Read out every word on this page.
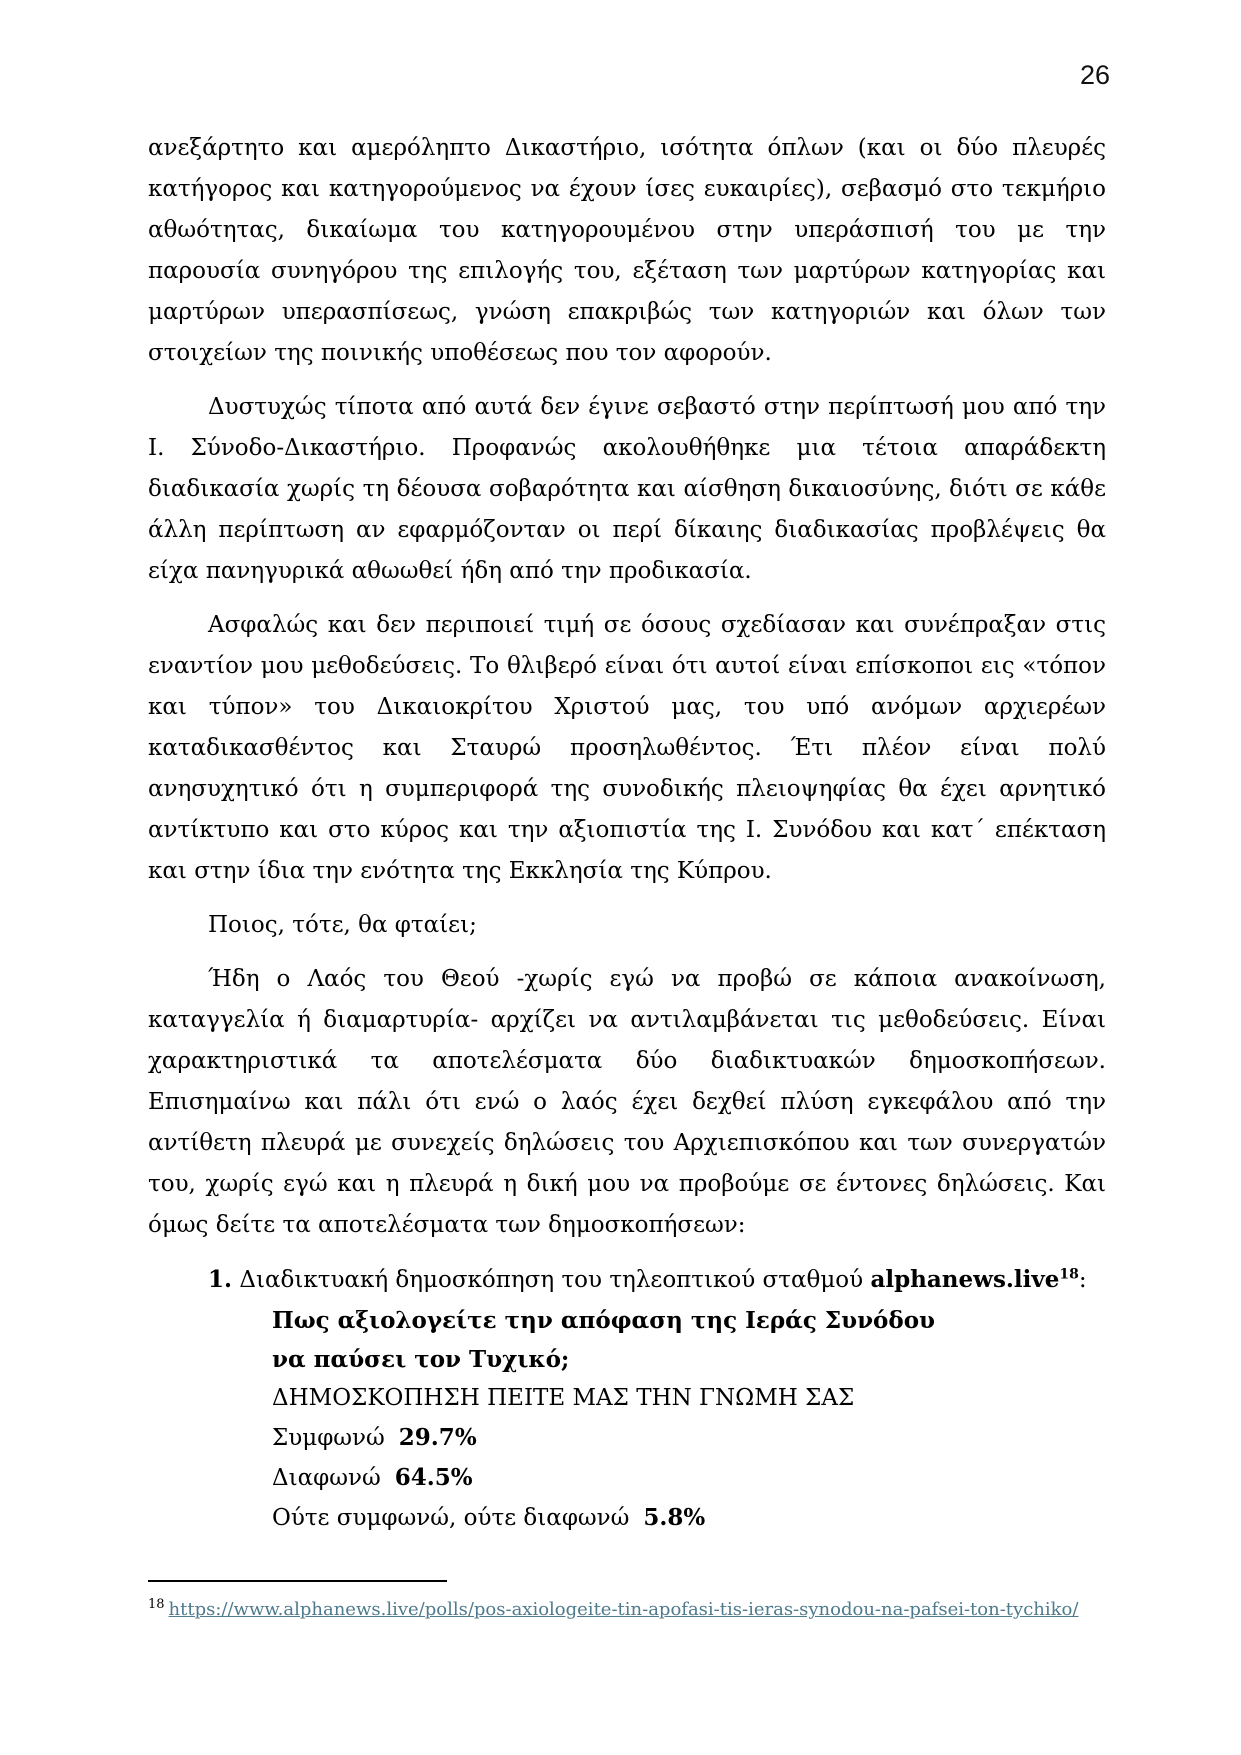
26

ανεξάρτητο και αμερόληπτο Δικαστήριο, ισότητα όπλων (και οι δύο πλευρές κατήγορος και κατηγορούμενος να έχουν ίσες ευκαιρίες), σεβασμό στο τεκμήριο αθωότητας, δικαίωμα του κατηγορουμένου στην υπεράσπισή του με την παρουσία συνηγόρου της επιλογής του, εξέταση των μαρτύρων κατηγορίας και μαρτύρων υπερασπίσεως, γνώση επακριβώς των κατηγοριών και όλων των στοιχείων της ποινικής υποθέσεως που τον αφορούν.

Δυστυχώς τίποτα από αυτά δεν έγινε σεβαστό στην περίπτωσή μου από την Ι. Σύνοδο-Δικαστήριο. Προφανώς ακολουθήθηκε μια τέτοια απαράδεκτη διαδικασία χωρίς τη δέουσα σοβαρότητα και αίσθηση δικαιοσύνης, διότι σε κάθε άλλη περίπτωση αν εφαρμόζονταν οι περί δίκαιης διαδικασίας προβλέψεις θα είχα πανηγυρικά αθωωθεί ήδη από την προδικασία.

Ασφαλώς και δεν περιποιεί τιμή σε όσους σχεδίασαν και συνέπραξαν στις εναντίον μου μεθοδεύσεις. Το θλιβερό είναι ότι αυτοί είναι επίσκοποι εις «τόπον και τύπον» του Δικαιοκρίτου Χριστού μας, του υπό ανόμων αρχιερέων καταδικασθέντος και Σταυρώ προσηλωθέντος. Έτι πλέον είναι πολύ ανησυχητικό ότι η συμπεριφορά της συνοδικής πλειοψηφίας θα έχει αρνητικό αντίκτυπο και στο κύρος και την αξιοπιστία της Ι. Συνόδου και κατ΄ επέκταση και στην ίδια την ενότητα της Εκκλησία της Κύπρου.

Ποιος, τότε, θα φταίει;

Ήδη ο Λαός του Θεού -χωρίς εγώ να προβώ σε κάποια ανακοίνωση, καταγγελία ή διαμαρτυρία- αρχίζει να αντιλαμβάνεται τις μεθοδεύσεις. Είναι χαρακτηριστικά τα αποτελέσματα δύο διαδικτυακών δημοσκοπήσεων. Επισημαίνω και πάλι ότι ενώ ο λαός έχει δεχθεί πλύση εγκεφάλου από την αντίθετη πλευρά με συνεχείς δηλώσεις του Αρχιεπισκόπου και των συνεργατών του, χωρίς εγώ και η πλευρά η δική μου να προβούμε σε έντονες δηλώσεις. Και όμως δείτε τα αποτελέσματα των δημοσκοπήσεων:

1. Διαδικτυακή δημοσκόπηση του τηλεοπτικού σταθμού alphanews.live$^{18}$:

Πως αξιολογείτε την απόφαση της Ιεράς Συνόδου

να παύσει τον Τυχικό;

ΔΗΜΟΣΚΟΠΗΣΗ ΠΕΙΤΕ ΜΑΣ ΤΗΝ ΓΝΩΜΗ ΣΑΣ

Συμφωνώ 29.7%

Διαφωνώ 64.5%

Ούτε συμφωνώ, ούτε διαφωνώ 5.8%

$^{18}$ https://www.alphanews.live/polls/pos-axiologeite-tin-apofasi-tis-ieras-synodou-na-pafsei-ton-tychiko/
